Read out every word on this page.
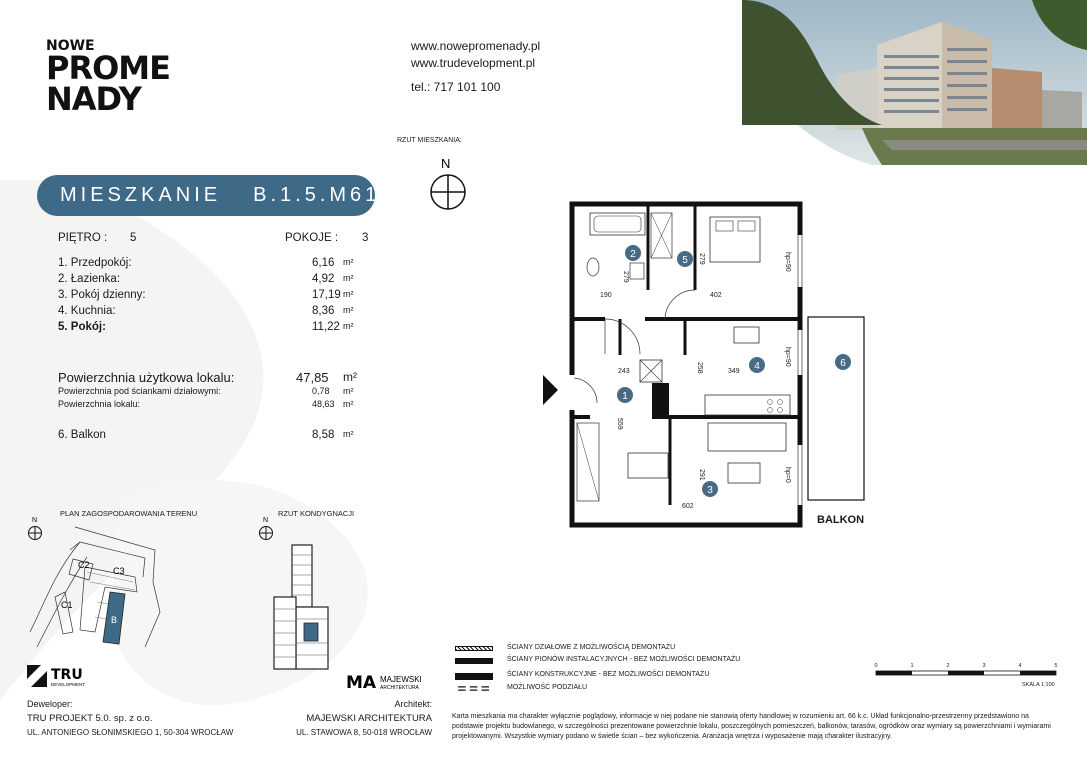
NOWE
PROME
NADY
www.nowepromenady.pl
www.trudevelopment.pl
tel.: 717 101 100
RZUT MIESZKANIA:
N
MIESZKANIE B.1.5.M61
PIĘTRO : 5	POKOJE : 3
1. Przedpokój:	6,16 m²
2. Łazienka:	4,92 m²
3. Pokój dzienny:	17,19 m²
4. Kuchnia:	8,36 m²
5. Pokój:	11,22 m²
Powierzchnia użytkowa lokalu:	47,85 m²
Powierzchnia pod ściankami działowymi:	0,78 m²
Powierzchnia lokalu:	48,63 m²
6. Balkon	8,58 m²
PLAN ZAGOSPODAROWANIA TERENU
N
C2
C3
C1
B
RZUT KONDYGNACJI
N
2
5
1
4
3
6
279
190
279
402
243	258	349
559
291
602
hp=90
hp=90
hp=0
BALKON
ŚCIANY DZIAŁOWE Z MOŻLIWOŚCIĄ DEMONTAŻU
ŚCIANY PIONÓW INSTALACYJNYCH - BEZ MOŻLIWOŚCI DEMONTAŻU
ŚCIANY KONSTRUKCYJNE - BEZ MOŻLIWOŚCI DEMONTAŻU
MOŻLIWOŚĆ PODZIAŁU
0	1	2	3	4	5
SKALA 1:100
TRU
DEVELOPMENT
Deweloper:
TRU PROJEKT 5.0. sp. z o.o.
UL. ANTONIEGO SŁONIMSKIEGO 1, 50-304 WROCŁAW
MA MAJEWSKI
ARCHITEKTURA
Architekt:
MAJEWSKI ARCHITEKTURA
UL. STAWOWA 8, 50-018 WROCŁAW
Karta mieszkania ma charakter wyłącznie poglądowy, informacje w niej podane nie stanowią oferty handlowej w rozumieniu art. 66 k.c. Układ funkcjonalno-przestrzenny przedstawiono na podstawie projektu budowlanego, w szczególności prezentowane powierzchnie lokalu, poszczególnych pomieszczeń, balkonów, tarasów, ogródków oraz wymiary są powierzchniami i wymiarami projektowanymi. Wszystkie wymiary podano w świetle ścian – bez wykończenia. Aranżacja wnętrza i wyposażenie mają charakter ilustracyjny.
